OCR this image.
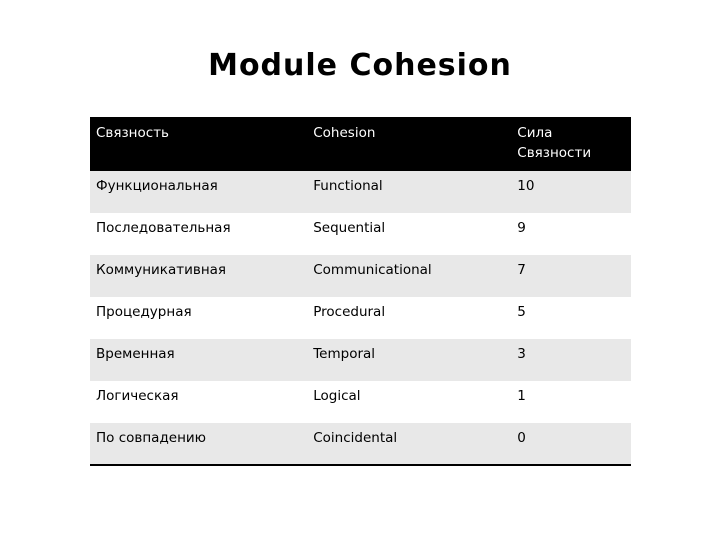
Module Cohesion
Связность	Cohesion	Сила Связности
Функциональная	Functional	10
Последовательная	Sequential	9
Коммуникативная	Communicational	7
Процедурная	Procedural	5
Временная	Temporal	3
Логическая	Logical	1
По совпадению	Coincidental	0
